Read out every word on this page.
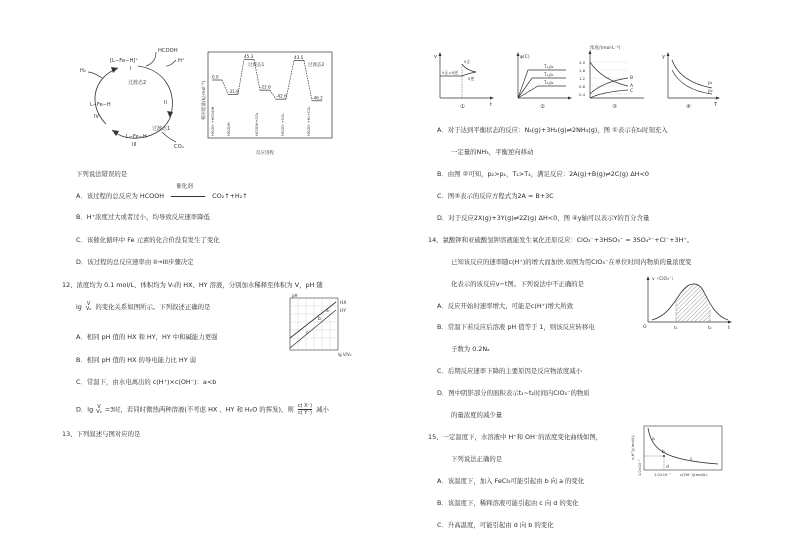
HCOOH
H⁺
H₂
CO₂
[L−Fe−H]⁺
过渡态1
过渡态2
L−Fe−H
L−Fe−H
I
II
III
IV	相对能量(kJ·mol⁻¹)
0.0
-31.8
45.3
-22.6
-42.6
43.5
-46.2
过渡态1	过渡态2
HCOO⁻+HCOOH	HCOOH	HCOOH+CO₂	HCOO⁻+CO₂	HCOO⁻+H₂+CO₂
反应进程
下列说法错误的是
A．该过程的总反应为 HCOOH
催化剂
CO₂↑+H₂↑
B．H⁺浓度过大或者过小，均导致反应速率降低
C．该催化循环中 Fe 元素的化合价没有发生了变化
D．该过程的总反应速率由 II→III步骤决定
12、浓度均为 0.1 mol/L、体积均为 V₀的 HX、HY 溶液，分别加水稀释至体积为 V，pH 随
lg V
V₀ 的变化关系如图所示。下列叙述正确的是
pH
HX
HY
a
b
c
lg V/V₀
A．相同 pH 值的 HX 和 HY，HY 中和碱能力更强
B．相同 pH 值的 HX 的导电能力比 HY 弱
C．常温下，由水电离出的 c(H⁺)×c(OH⁻)：a<b
D．lg V
V₀ =3时，若同时微热两种溶液(不考虑 HX 、HY 和 H₂O 的挥发)，则 $\frac{c( X^-)}{c( Y^-)}$ 减小
13、下列叙述与图对应的是
v
t
v正
v逆
v正=v逆
①
φ(C)
T₁,p₂
T₁,p₁
T₂,p₂
②
浓度/(mol·L⁻¹)
2.0
1.6
1.2
0.8
0.4
A
B
C
③
y
T
p₁
p₂
④
A．对于达到平衡状态的反应：N₂(g)+3H₂(g)⇌2NH₃(g)，图 ①表示在t₀时刻充入
一定量的NH₃，平衡逆向移动
B．由图 ②可知，p₂>p₁，T₁>T₂，满足反应：2A(g)+B(g)⇌2C(g) ΔH<0
C．图③表示的反应方程式为2A = B+3C
D．对于反应2X(g)+3Y(g)⇌2Z(g) ΔH<0，图 ④y轴可以表示Y的百分含量
14、氯酸钾和亚硫酸氢钾溶液能发生氧化还原反应：ClO₃⁻+3HSO₃⁻ = 3SO₄²⁻+Cl⁻+3H⁺。
已知该反应的速率随c(H⁺)的增大而加快.如图为用ClO₃⁻在单位时间内物质的量浓度变
化表示的该反应v−t图。下列说法中不正确的是
v（ClO₃⁻）
O	t₁	t₂	t
A．反应开始时速率增大，可能是c(H⁺)增大所致
B．常温下若反应后溶液 pH 值等于 1，则该反应转移电
子数为 0.2Nₐ
C．后期反应速率下降的主要原因是反应物浓度减小
D．图中阴影部分的面积表示t₁~t₂时间内ClO₃⁻的物质
的量浓度的减少量
15、一定温度下，水溶液中 H⁺和 OH⁻的浓度变化曲线如图，
下列说法正确的是	c(H⁺)/(mol/L)
1.0×10⁻⁷	1.0×10⁻⁷ c(OH⁻)/(mol/L)
a
b
c
d
A．该温度下，加入 FeCl₃可能引起由 b 向 a 的变化
B．该温度下，稀释溶液可能引起由 c 向 d 的变化
C．升高温度，可能引起由 d 向 b 的变化
